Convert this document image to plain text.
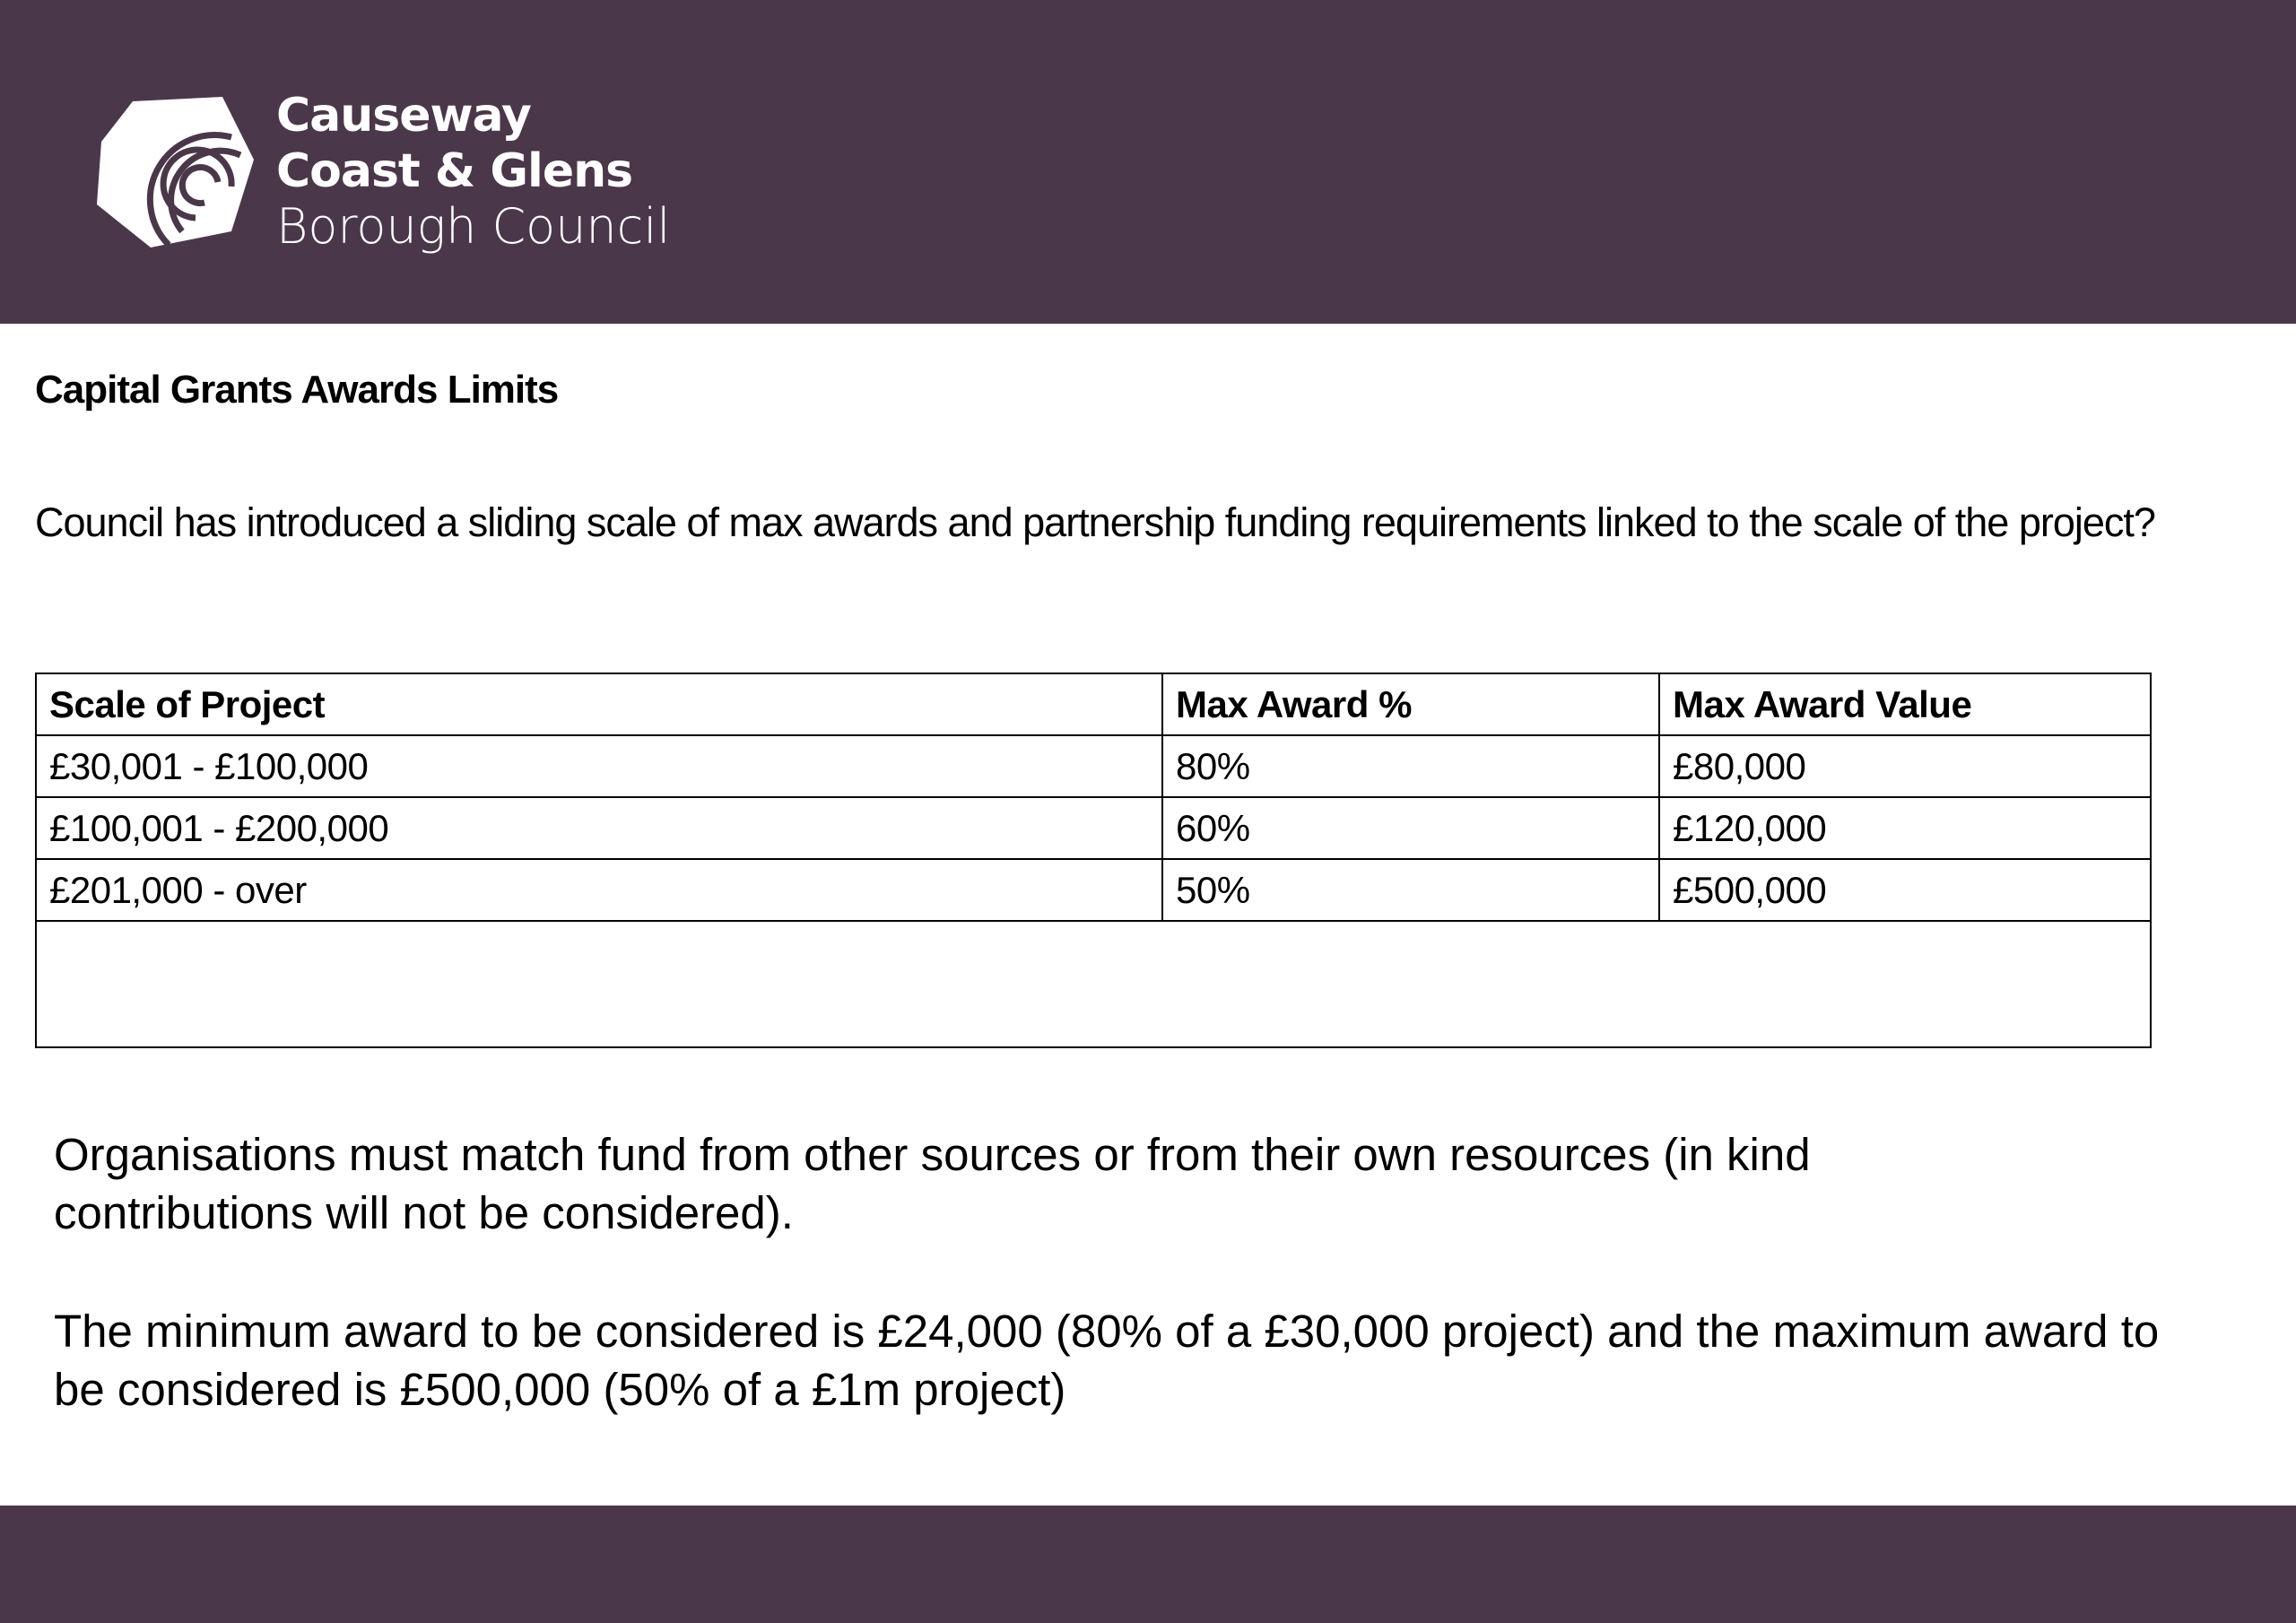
Causeway
Coast & Glens
Borough Council
Capital Grants Awards Limits
Council has introduced a sliding scale of max awards and partnership funding requirements linked to the scale of the project?
Scale of Project	Max Award %	Max Award Value
£30,001 - £100,000	80%	£80,000
£100,001 - £200,000	60%	£120,000
£201,000 - over	50%	£500,000

Organisations must match fund from other sources or from their own resources (in kind contributions will not be considered).
The minimum award to be considered is £24,000 (80% of a £30,000 project) and the maximum award to be considered is £500,000 (50% of a £1m project)
